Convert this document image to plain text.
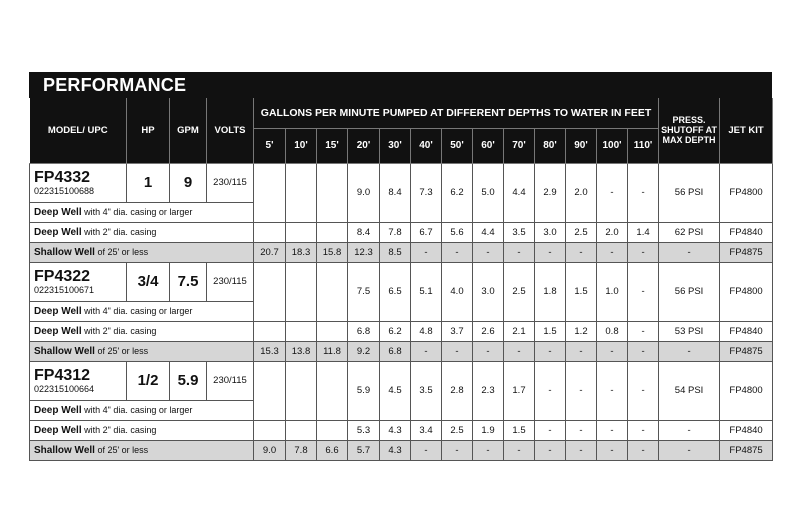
PERFORMANCE
MODEL/ UPC	HP	GPM	VOLTS	GALLONS PER MINUTE PUMPED AT DIFFERENT DEPTHS TO WATER IN FEET													PRESS. SHUTOFF AT MAX DEPTH	JET KIT
				5'	10'	15'	20'	30'	40'	50'	60'	70'	80'	90'	100'	110'		

FP4332
022315100688	1	9	230/115				9.0	8.4	7.3	6.2	5.0	4.4	2.9	2.0	-	-	56 PSI	FP4800
Deep Well with 4" dia. casing or larger																		
Deep Well with 2" dia. casing							8.4	7.8	6.7	5.6	4.4	3.5	3.0	2.5	2.0	1.4	62 PSI	FP4840
Shallow Well of 25' or less				20.7	18.3	15.8	12.3	8.5	-	-	-	-	-	-	-	-	-	FP4875

FP4322
022315100671	3/4	7.5	230/115				7.5	6.5	5.1	4.0	3.0	2.5	1.8	1.5	1.0	-	56 PSI	FP4800
Deep Well with 4" dia. casing or larger																		
Deep Well with 2" dia. casing							6.8	6.2	4.8	3.7	2.6	2.1	1.5	1.2	0.8	-	53 PSI	FP4840
Shallow Well of 25' or less				15.3	13.8	11.8	9.2	6.8	-	-	-	-	-	-	-	-	-	FP4875

FP4312
022315100664	1/2	5.9	230/115				5.9	4.5	3.5	2.8	2.3	1.7	-	-	-	-	54 PSI	FP4800
Deep Well with 4" dia. casing or larger																		
Deep Well with 2" dia. casing							5.3	4.3	3.4	2.5	1.9	1.5	-	-	-	-	-	FP4840
Shallow Well of 25' or less				9.0	7.8	6.6	5.7	4.3	-	-	-	-	-	-	-	-	-	FP4875
